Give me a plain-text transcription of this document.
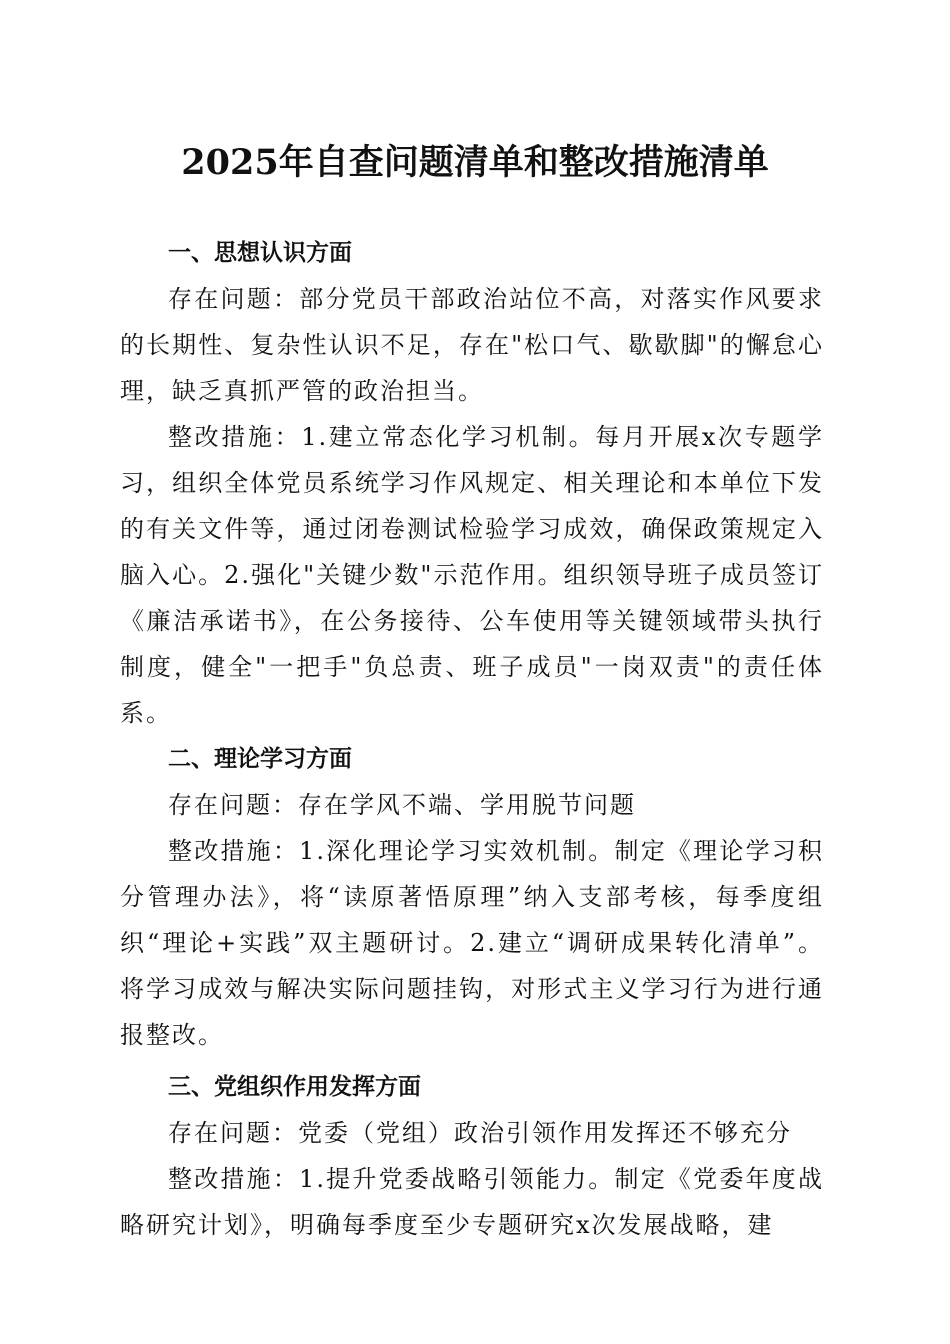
2025年自查问题清单和整改措施清单
一、思想认识方面

存在问题：部分党员干部政治站位不高，对落实作风要求的长期性、复杂性认识不足，存在"松口气、歇歇脚"的懈怠心理，缺乏真抓严管的政治担当。

整改措施：1.建立常态化学习机制。每月开展x次专题学习，组织全体党员系统学习作风规定、相关理论和本单位下发的有关文件等，通过闭卷测试检验学习成效，确保政策规定入脑入心。2.强化"关键少数"示范作用。组织领导班子成员签订《廉洁承诺书》，在公务接待、公车使用等关键领域带头执行制度，健全"一把手"负总责、班子成员"一岗双责"的责任体系。

二、理论学习方面

存在问题：存在学风不端、学用脱节问题

整改措施：1.深化理论学习实效机制。制定《理论学习积分管理办法》，将“读原著悟原理”纳入支部考核，每季度组织“理论+实践”双主题研讨。2.建立“调研成果转化清单”。将学习成效与解决实际问题挂钩，对形式主义学习行为进行通报整改。

三、党组织作用发挥方面

存在问题：党委（党组）政治引领作用发挥还不够充分

整改措施：1.提升党委战略引领能力。制定《党委年度战略研究计划》，明确每季度至少专题研究x次发展战略，建
